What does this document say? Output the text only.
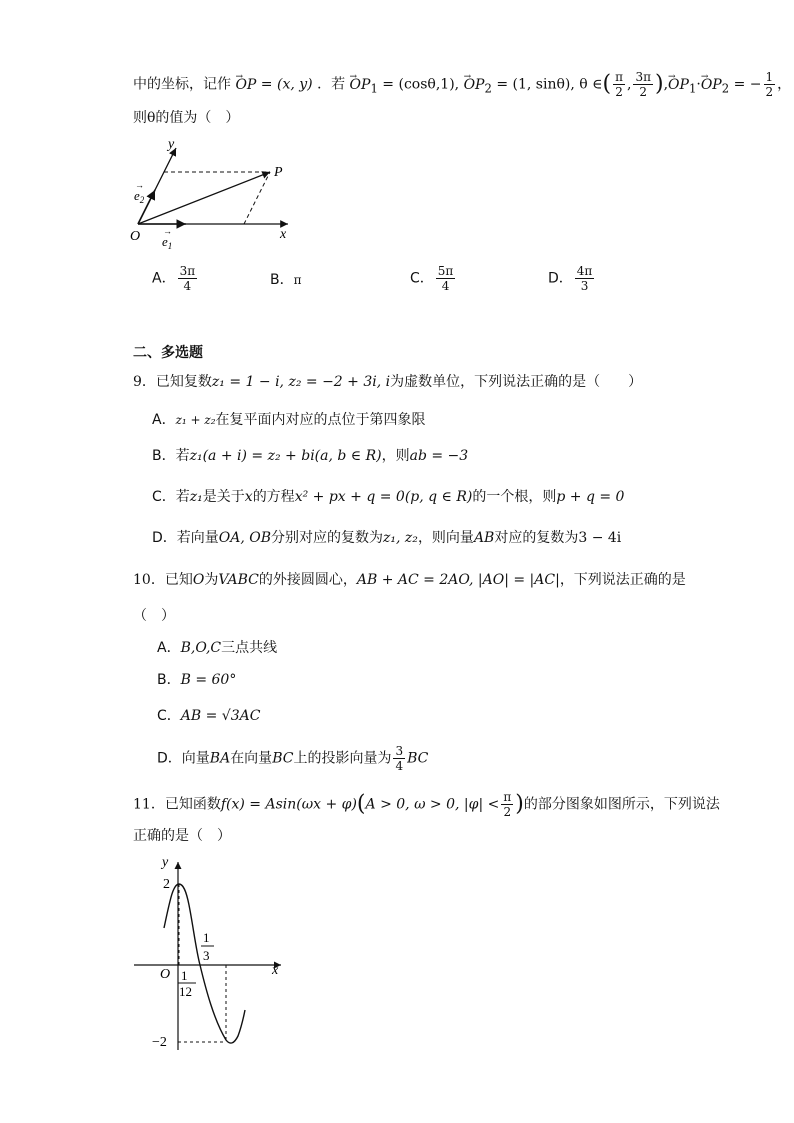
中的坐标，记作 → OP = (x, y) ．若 → $OP_1 = (\cos\theta,1)$, → $OP_2 = (1$, sinθ), θ ∈( $\frac{\pi}{2}$ , $\frac{3\pi}{2}$ ),→ $OP_1\cdot\to OP_2$ = − $\frac{1}{2}$ ，
则θ的值为（　）
y
x
O
P
$e_2$
→
$e_1$
→
A． $\frac{3\pi}{4}$	B．π	C． $\frac{5\pi}{4}$	D． $\frac{4\pi}{3}$
二、多选题
9．已知复数z₁ = 1 − i, z₂ = −2 + 3i, i为虚数单位，下列说法正确的是（　　）
A．z₁ + z₂在复平面内对应的点位于第四象限
B．若z₁(a + i) = z₂ + bi(a, b ∈ R)，则ab = −3
C．若z₁是关于x的方程x² + px + q = 0(p, q ∈ R)的一个根，则p + q = 0
D．若向量OA, OB分别对应的复数为z₁, z₂，则向量AB对应的复数为3 − 4i
10．已知O为VABC的外接圆圆心，AB + AC = 2AO, |AO| = |AC|，下列说法正确的是
（　）
A．B,O,C三点共线
B．B = 60°
C．AB = √3AC
D．向量BA在向量BC上的投影向量为 $\frac{3}{4}$ BC
11．已知函数f(x) = Asin(ωx + φ)(A > 0, ω > 0, $|\varphi| < \frac{\pi}{2}$ )的部分图象如图所示，下列说法
正确的是（　）
y
x
O
2
−2
1
12
1
3
